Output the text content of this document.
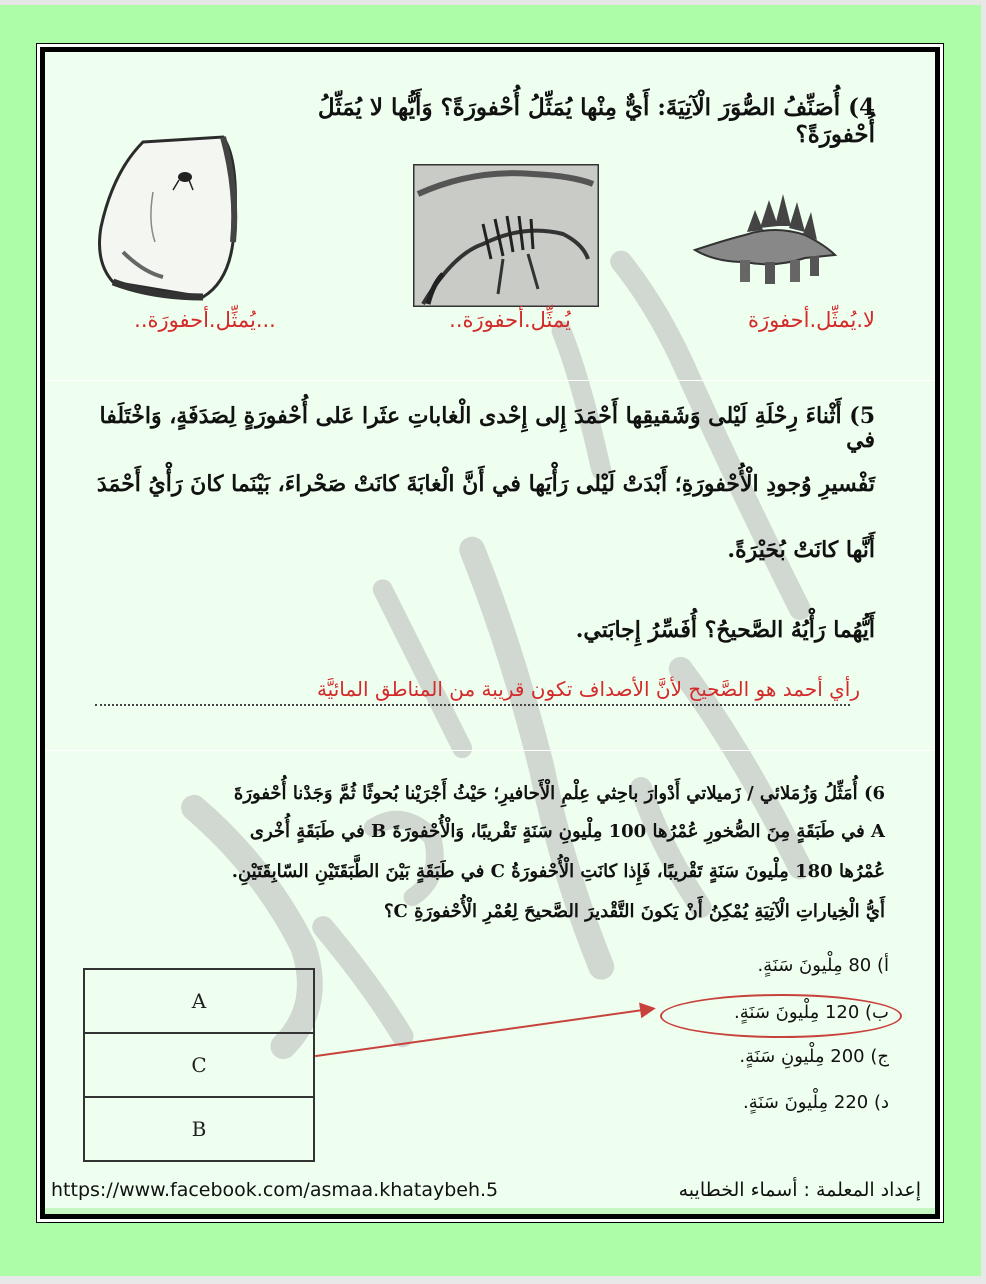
4) أُصَنِّفُ الصُّوَرَ الْآتِيَةَ: أَيٌّ مِنْها يُمَثِّلُ أُحْفورَةً؟ وَأَيُّها لا يُمَثِّلُ أُحْفورَةً؟
لا.يُمثِّل.أحفورَة
يُمثِّل.أحفورَة..
...يُمثِّل.أحفورَة..
5) أَثْناءَ رِحْلَةِ لَيْلى وَشَقيقِها أَحْمَدَ إِلى إِحْدى الْغاباتِ عثَرا عَلى أُحْفورَةٍ لِصَدَفَةٍ، وَاخْتَلَفا في
تَفْسيرِ وُجودِ الْأُحْفورَةِ؛ أَبْدَتْ لَيْلى رَأْيَها في أَنَّ الْغابَةَ كانَتْ صَحْراءَ، بَيْنَما كانَ رَأْيُ أَحْمَدَ
أَنَّها كانَتْ بُحَيْرَةً.
أَيُّهُما رَأْيُهُ الصَّحيحُ؟ أُفَسِّرُ إِجابَتي.
رأي أحمد هو الصَّحيح لأنَّ الأصداف تكون قريبة من المناطق المائيَّة
6) أُمَثِّلُ وَزُمَلائي / زَميلاتي أَدْوارَ باحِثي عِلْمِ الْأَحافيرِ؛ حَيْثُ أَجْرَيْنا بُحوثًا ثُمَّ وَجَدْنا أُحْفورَةَ
A في طَبَقَةٍ مِنَ الصُّخورِ عُمْرُها 100 مِلْيونِ سَنَةٍ تَقْريبًا، وَالْأُحْفورَةَ B في طَبَقَةٍ أُخْرى
عُمْرُها 180 مِلْيونَ سَنَةٍ تَقْريبًا، فَإِذا كانَتِ الْأُحْفورَةُ C في طَبَقَةٍ بَيْنَ الطَّبَقَتَيْنِ السّابِقَتَيْنِ.
أَيُّ الْخِياراتِ الْآتِيَةِ يُمْكِنُ أَنْ يَكونَ التَّقْديرَ الصَّحيحَ لِعُمْرِ الْأُحْفورَةِ C؟
أ) 80 مِلْيونَ سَنَةٍ.
ب) 120 مِلْيونَ سَنَةٍ.
ج) 200 مِلْيونِ سَنَةٍ.
د) 220 مِلْيونَ سَنَةٍ.
A
C
B
إعداد المعلمة : أسماء الخطايبه
https://www.facebook.com/asmaa.khataybeh.5
